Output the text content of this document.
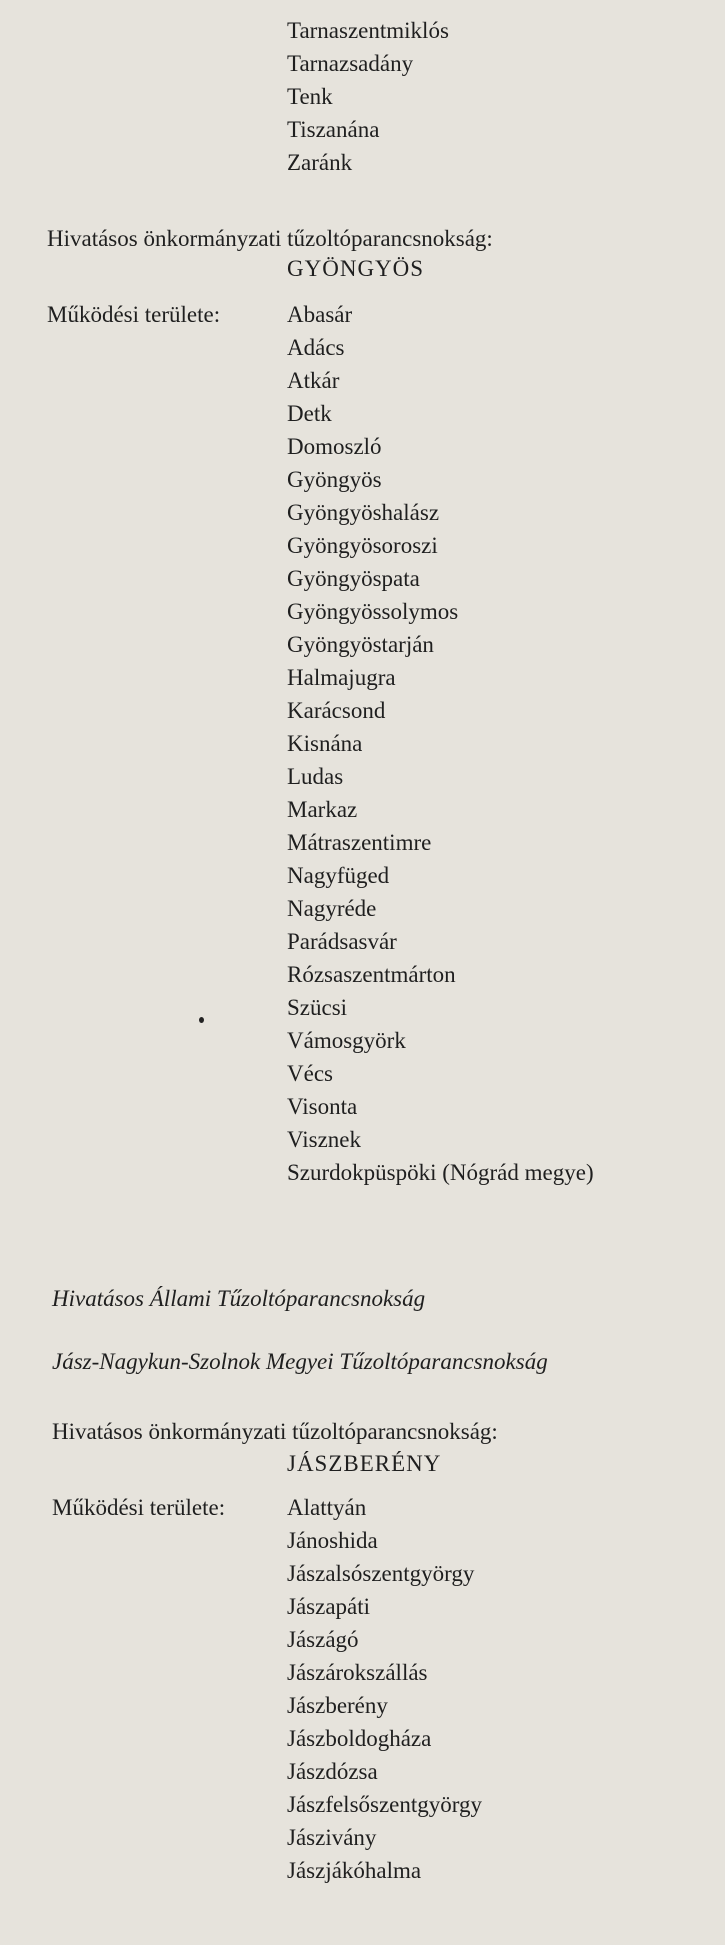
Tarnaszentmiklós
Tarnazsadány
Tenk
Tiszanána
Zaránk
Hivatásos önkormányzati tűzoltóparancsnokság:
GYÖNGYÖS
Működési területe:	Abasár
Adács
Atkár
Detk
Domoszló
Gyöngyös
Gyöngyöshalász
Gyöngyösoroszi
Gyöngyöspata
Gyöngyössolymos
Gyöngyöstarján
Halmajugra
Karácsond
Kisnána
Ludas
Markaz
Mátraszentimre
Nagyfüged
Nagyréde
Parádsasvár
Rózsaszentmárton
Szücsi
Vámosgyörk
Vécs
Visonta
Visznek
Szurdokpüspöki (Nógrád megye)
Hivatásos Állami Tűzoltóparancsnokság
Jász-Nagykun-Szolnok Megyei Tűzoltóparancsnokság
Hivatásos önkormányzati tűzoltóparancsnokság:
JÁSZBERÉNY
Működési területe:	Alattyán
Jánoshida
Jászalsószentgyörgy
Jászapáti
Jászágó
Jászárokszállás
Jászberény
Jászboldogháza
Jászdózsa
Jászfelsőszentgyörgy
Jászivány
Jászjákóhalma
